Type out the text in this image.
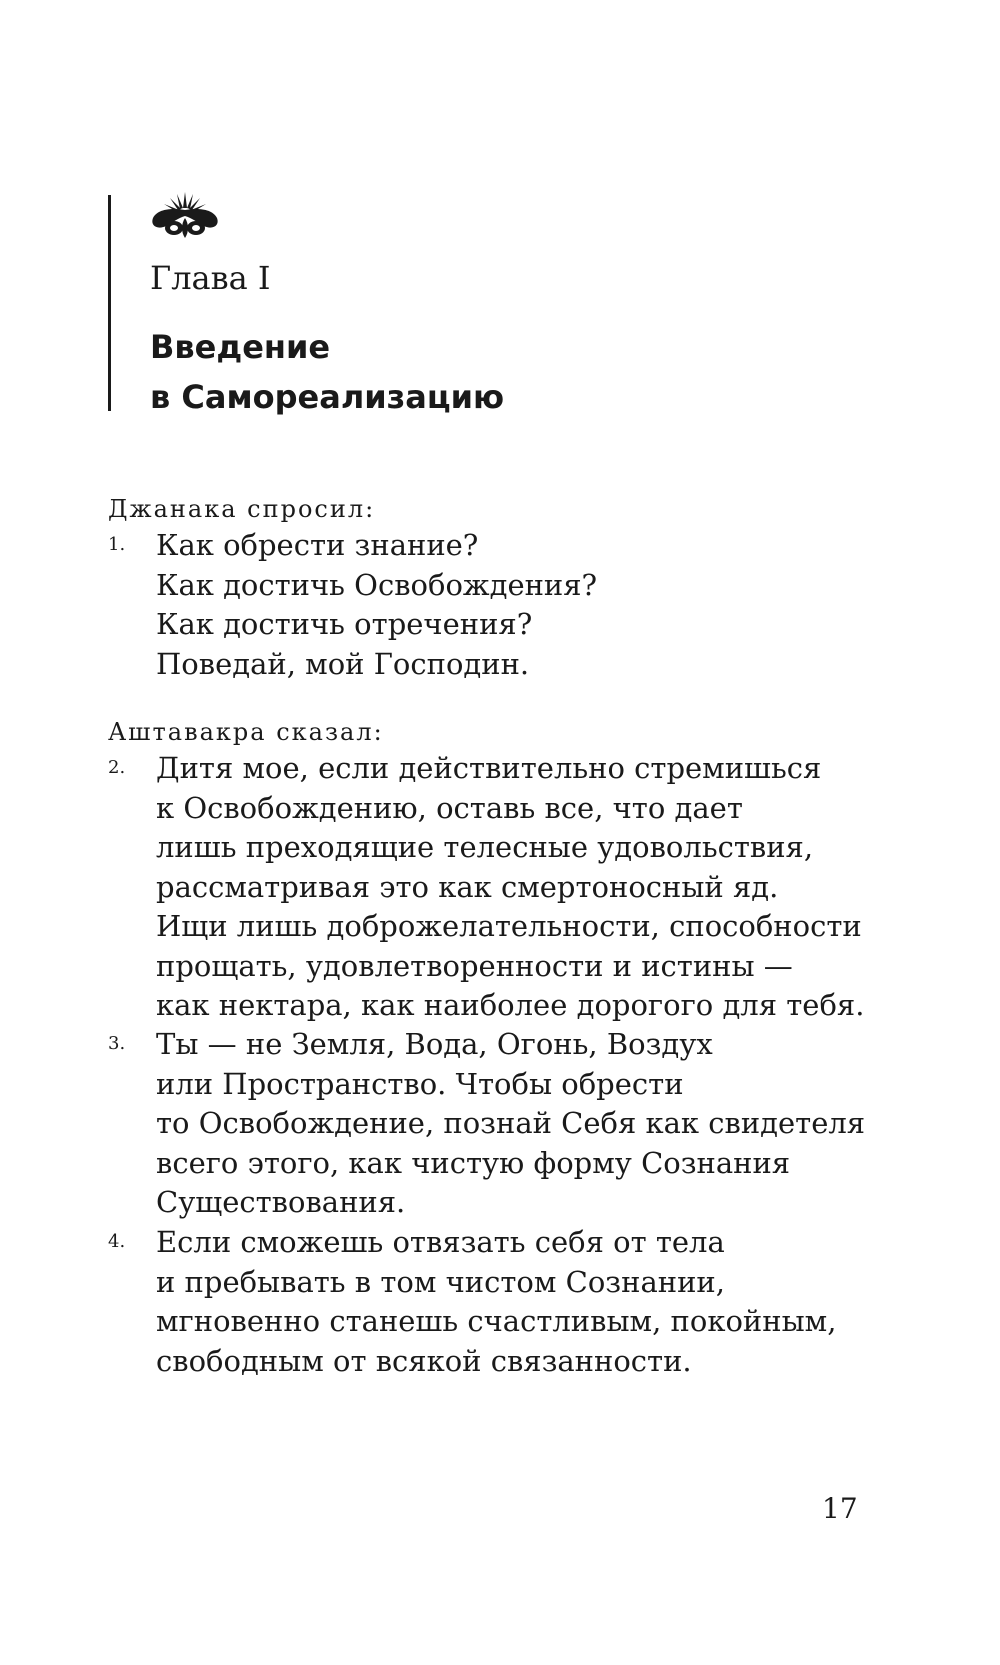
Глава I
Введение
в Самореализацию
Джанака спросил:
1.	Как обрести знание?
Как достичь Освобождения?
Как достичь отречения?
Поведай, мой Господин.
Аштавакра сказал:
2.	Дитя мое, если действительно стремишься
к Освобождению, оставь все, что дает
лишь преходящие телесные удовольствия,
рассматривая это как смертоносный яд.
Ищи лишь доброжелательности, способности
прощать, удовлетворенности и истины —
как нектара, как наиболее дорогого для тебя.
3.	Ты — не Земля, Вода, Огонь, Воздух
или Пространство. Чтобы обрести
то Освобождение, познай Себя как свидетеля
всего этого, как чистую форму Сознания
Существования.
4.	Если сможешь отвязать себя от тела
и пребывать в том чистом Сознании,
мгновенно станешь счастливым, покойным,
свободным от всякой связанности.
17
